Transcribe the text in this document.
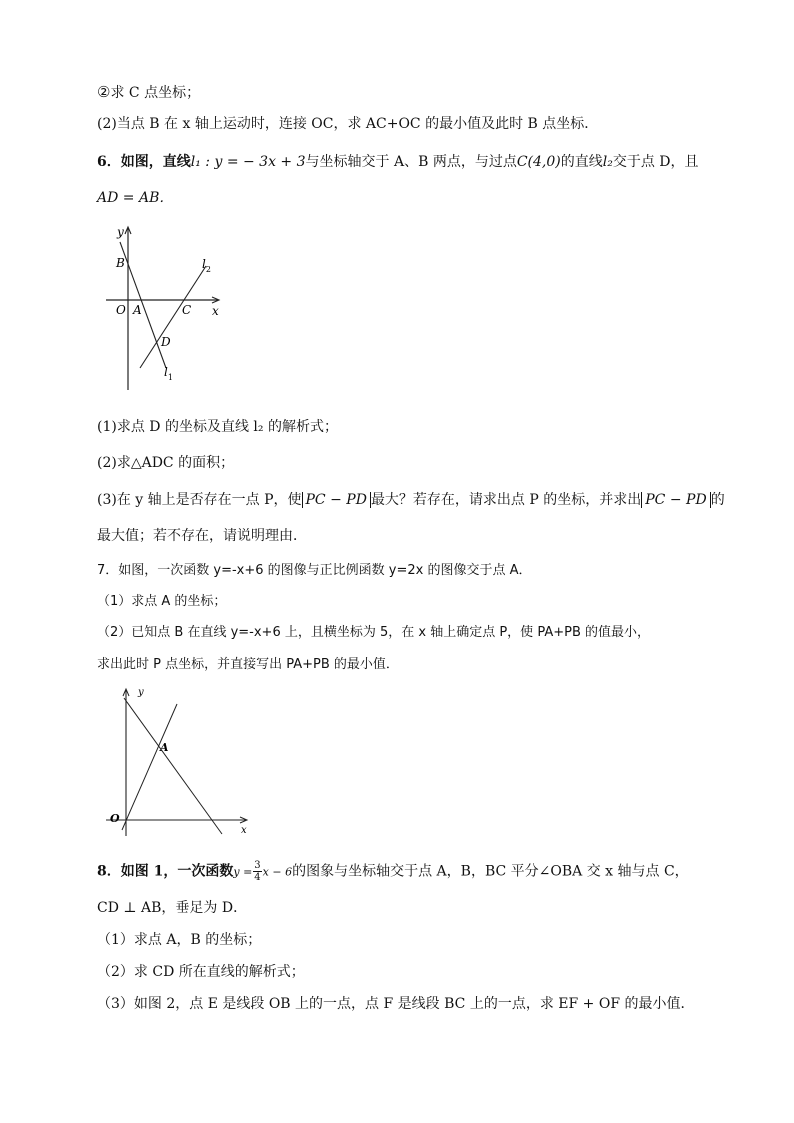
②求 C 点坐标；
(2)当点 B 在 x 轴上运动时，连接 OC，求 AC+OC 的最小值及此时 B 点坐标．
6．如图，直线l₁ : y = − 3x + 3与坐标轴交于 A、B 两点，与过点C(4,0)的直线l₂交于点 D，且
AD = AB．
y
B
O A	C x
D
$l_2$
$l_1$
(1)求点 D 的坐标及直线 l₂ 的解析式；
(2)求△ADC 的面积；
(3)在 y 轴上是否存在一点 P，使 PC − PD 最大？若存在，请求出点 P 的坐标，并求出 PC − PD 的
最大值；若不存在，请说明理由．
7．如图，一次函数 y=-x+6 的图像与正比例函数 y=2x 的图像交于点 A．
（1）求点 A 的坐标；
（2）已知点 B 在直线 y=-x+6 上，且横坐标为 5，在 x 轴上确定点 P，使 PA+PB 的值最小，
求出此时 P 点坐标，并直接写出 PA+PB 的最小值．
y
A
O
x
8．如图 1，一次函数$y = \frac{3}{4}$ x − 6的图象与坐标轴交于点 A，B，BC 平分∠OBA 交 x 轴与点 C，
CD ⊥ AB，垂足为 D．
（1）求点 A，B 的坐标；
（2）求 CD 所在直线的解析式；
（3）如图 2，点 E 是线段 OB 上的一点，点 F 是线段 BC 上的一点，求 EF + OF 的最小值．
